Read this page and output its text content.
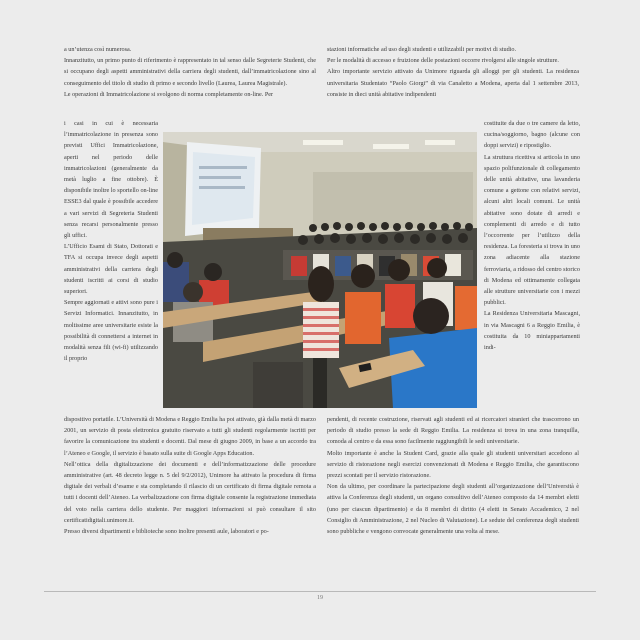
a un’utenza così numerosa.

Innanzitutto, un primo punto di riferimento è rappresentato in tal senso dalle Segreterie Studenti, che si occupano degli aspetti amministrativi della carriera degli studenti, dall’immatricolazione sino al conseguimento del titolo di studio di primo e secondo livello (Laurea, Laurea Magistrale).

Le operazioni di Immatricolazione si svolgono di norma completamente on-line. Per

stazioni informatiche ad uso degli studenti e utilizzabili per motivi di studio.

Per le modalità di accesso e fruizione delle postazioni occorre rivolgersi alle singole strutture.

Altro importante servizio attivato da Unimore riguarda gli alloggi per gli studenti. La residenza universitaria Studentato “Paolo Giorgi” di via Canaletto a Modena, aperta dal 1 settembre 2013, consiste in dieci unità abitative indipendenti

i casi in cui è necessaria l’immatricolazione in presenza sono previsti Uffici Immatricolazione, aperti nel periodo delle immatricolazioni (generalmente da metà luglio a fine ottobre). È disponibile inoltre lo sportello on-line ESSE3 dal quale è possibile accedere a vari servizi di Segreteria Studenti senza recarsi personalmente presso gli uffici.

L’Ufficio Esami di Stato, Dottorati e TFA si occupa invece degli aspetti amministrativi della carriera degli studenti iscritti ai corsi di studio superiori.

Sempre aggiornati e attivi sono pure i Servizi Informatici. Innanzitutto, in moltissime aree universitarie esiste la possibilità di connettersi a internet in modalità senza fili (wi-fi) utilizzando il proprio

costituite da due o tre camere da letto, cucina/soggiorno, bagno (alcune con doppi servizi) e ripostiglio.

La struttura ricettiva si articola in uno spazio polifunzionale di collegamento delle unità abitative, una lavanderia comune a gettone con relativi servizi, alcuni altri locali comuni. Le unità abitative sono dotate di arredi e complementi di arredo e di tutto l’occorrente per l’utilizzo della residenza. La foresteria si trova in uno zona adiacente alla stazione ferroviaria, a ridosso del centro storico di Modena ed ottimamente collegata alle strutture universitarie con i mezzi pubblici.

La Residenza Universitaria Mascagni, in via Mascagni 6 a Reggio Emilia, è costituita da 10 miniappartamenti indi-

dispositivo portatile. L’Università di Modena e Reggio Emilia ha poi attivato, già dalla metà di marzo 2001, un servizio di posta elettronica gratuito riservato a tutti gli studenti regolarmente iscritti per favorire la comunicazione tra studenti e docenti. Dal mese di giugno 2009, in base a un accordo tra l’Ateneo e Google, il servizio è basato sulla suite di Google Apps Education.

Nell’ottica della digitalizzazione dei documenti e dell’informatizzazione delle procedure amministrative (art. 48 decreto legge n. 5 del 9/2/2012), Unimore ha attivato la procedura di firma digitale dei verbali d’esame e sta completando il rilascio di un certificato di firma digitale remota a tutti i docenti dell’Ateneo. La verbalizzazione con firma digitale consente la registrazione immediata del voto nella carriera dello studente. Per maggiori informazioni si può consultare il sito certificatidigitali.unimore.it.

Presso diversi dipartimenti e biblioteche sono inoltre presenti aule, laboratori e po-

pendenti, di recente costruzione, riservati agli studenti ed ai ricercatori stranieri che trascorrono un periodo di studio presso la sede di Reggio Emilia. La residenza si trova in una zona tranquilla, comoda al centro e da essa sono facilmente raggiungibili le sedi universitarie.

Molto importante è anche la Student Card, grazie alla quale gli studenti universitari accedono al servizio di ristorazione negli esercizi convenzionati di Modena e Reggio Emilia, che garantiscono prezzi scontati per il servizio ristorazione.

Non da ultimo, per coordinare la partecipazione degli studenti all’organizzazione dell’Università è attiva la Conferenza degli studenti, un organo consultivo dell’Ateneo composto da 14 membri eletti (uno per ciascun dipartimento) e da 8 membri di diritto (4 eletti in Senato Accademico, 2 nel Consiglio di Amministrazione, 2 nel Nucleo di Valutazione). Le sedute del conferenza degli studenti sono pubbliche e vengono convocate generalmente una volta al mese.

19
